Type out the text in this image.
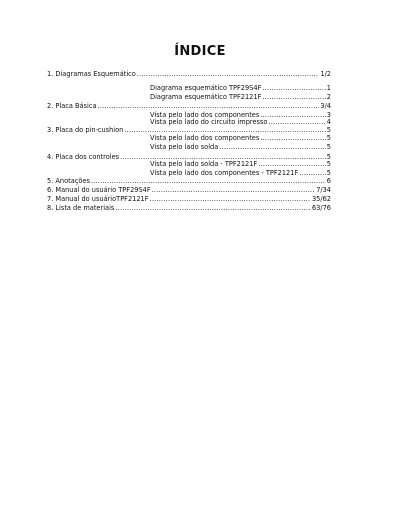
ÍNDICE
1. Diagramas Esquemático .....	1/2
Diagrama esquemático TPF29S4F .....	1
Diagrama esquemático TPF2121F .....	2
2. Placa Básica .....	3/4
Vista pelo lado dos componentes .....	3
Vista pelo lado do circuito impresso .....	4
3. Placa do pin-cushion .....	5
Vista pelo lado dos componentes .....	5
Vista pelo lado solda .....	5
4. Placa dos controles .....	5
Vista pelo lado solda - TPF2121F .....	5
Vista pelo lado dos componentes - TPF2121F .....	5
5. Anotações .....	6
6. Manual do usuário TPF29S4F .....	7/34
7. Manual do usuárioTPF2121F .....	35/62
8. Lista de materiais .....	63/76
